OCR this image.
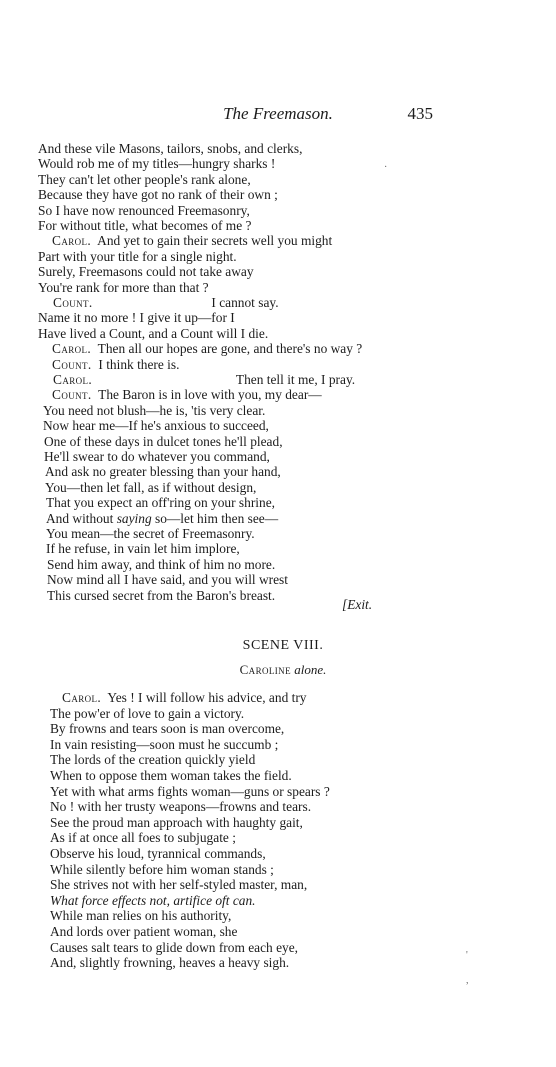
The Freemason.	435
And these vile Masons, tailors, snobs, and clerks,
Would rob me of my titles—hungry sharks !
They can't let other people's rank alone,
Because they have got no rank of their own ;
So I have now renounced Freemasonry,
For without title, what becomes of me ?
Carol. And yet to gain their secrets well you might
Part with your title for a single night.
Surely, Freemasons could not take away
You're rank for more than that ?
Count.	I cannot say.
Name it no more ! I give it up—for I
Have lived a Count, and a Count will I die.
Carol. Then all our hopes are gone, and there's no way ?
Count. I think there is.
Carol.	Then tell it me, I pray.
Count. The Baron is in love with you, my dear—
You need not blush—he is, 'tis very clear.
Now hear me—If he's anxious to succeed,
One of these days in dulcet tones he'll plead,
He'll swear to do whatever you command,
And ask no greater blessing than your hand,
You—then let fall, as if without design,
That you expect an off'ring on your shrine,
And without saying so—let him then see—
You mean—the secret of Freemasonry.
If he refuse, in vain let him implore,
Send him away, and think of him no more.
Now mind all I have said, and you will wrest
This cursed secret from the Baron's breast.
[Exit.
SCENE VIII.
Caroline alone.
Carol. Yes ! I will follow his advice, and try
The pow'er of love to gain a victory.
By frowns and tears soon is man overcome,
In vain resisting—soon must he succumb ;
The lords of the creation quickly yield
When to oppose them woman takes the field.
Yet with what arms fights woman—guns or spears ?
No ! with her trusty weapons—frowns and tears.
See the proud man approach with haughty gait,
As if at once all foes to subjugate ;
Observe his loud, tyrannical commands,
While silently before him woman stands ;
She strives not with her self-styled master, man,
What force effects not, artifice oft can.
While man relies on his authority,
And lords over patient woman, she
Causes salt tears to glide down from each eye,
And, slightly frowning, heaves a heavy sigh.
·
'
,
